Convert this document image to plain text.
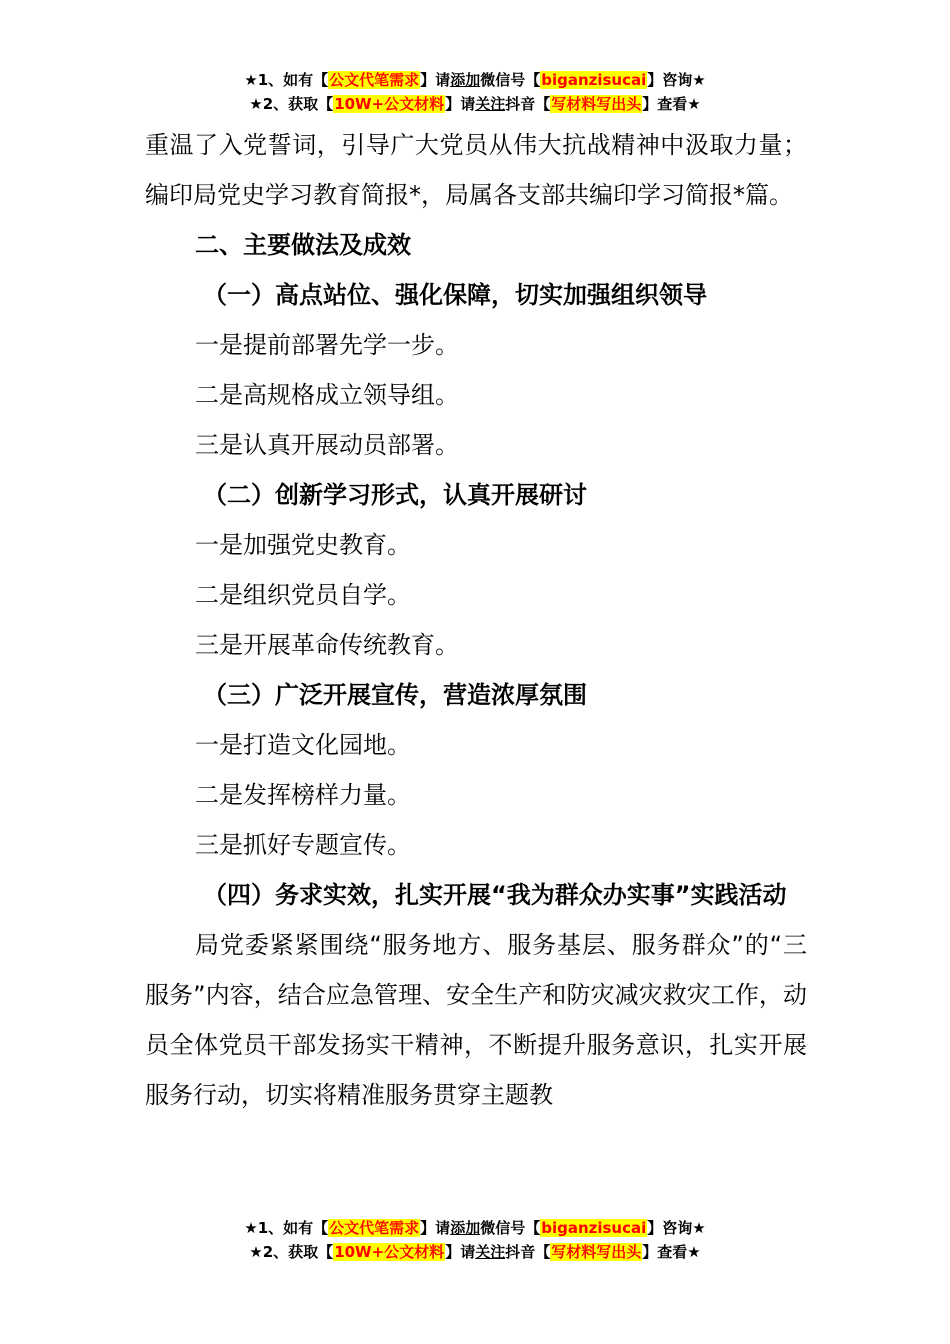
★1、如有【公文代笔需求】请添加微信号【biganzisucai】咨询★
★2、获取【10W+公文材料】请关注抖音【写材料写出头】查看★

重温了入党誓词，引导广大党员从伟大抗战精神中汲取力量；编印局党史学习教育简报*，局属各支部共编印学习简报*篇。

二、主要做法及成效

（一）高点站位、强化保障，切实加强组织领导

一是提前部署先学一步。

二是高规格成立领导组。

三是认真开展动员部署。

（二）创新学习形式，认真开展研讨

一是加强党史教育。

二是组织党员自学。

三是开展革命传统教育。

（三）广泛开展宣传，营造浓厚氛围

一是打造文化园地。

二是发挥榜样力量。

三是抓好专题宣传。

（四）务求实效，扎实开展“我为群众办实事”实践活动

局党委紧紧围绕“服务地方、服务基层、服务群众”的“三服务”内容，结合应急管理、安全生产和防灾减灾救灾工作，动员全体党员干部发扬实干精神，不断提升服务意识，扎实开展服务行动，切实将精准服务贯穿主题教

★1、如有【公文代笔需求】请添加微信号【biganzisucai】咨询★
★2、获取【10W+公文材料】请关注抖音【写材料写出头】查看★
